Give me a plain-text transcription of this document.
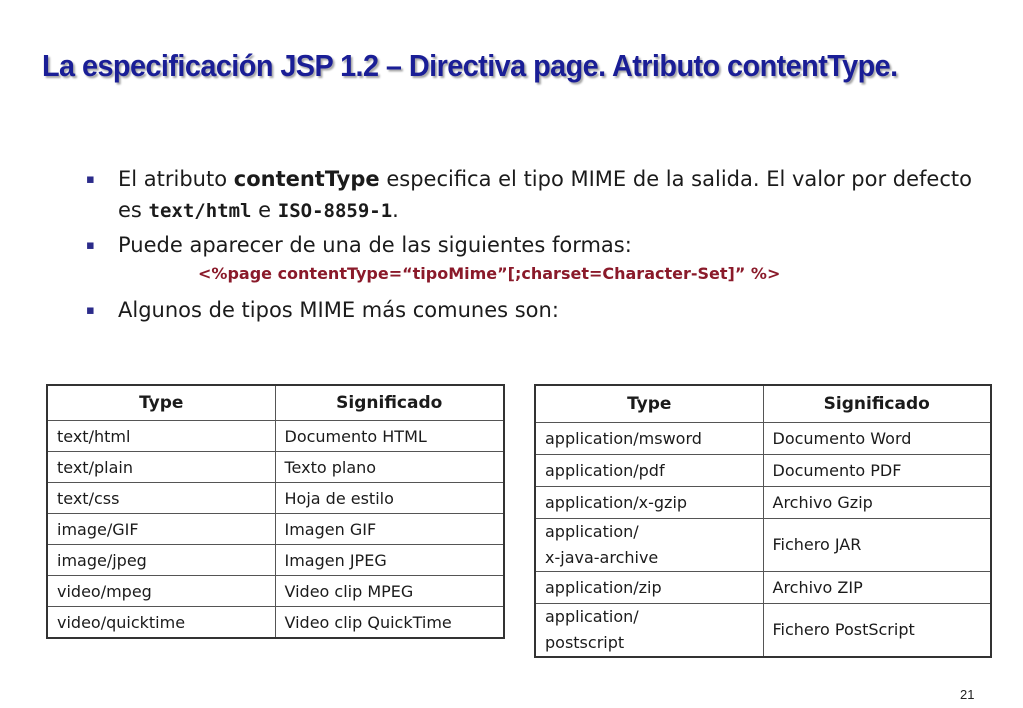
La especificación JSP 1.2 – Directiva page. Atributo contentType.
▪ El atributo contentType especifica el tipo MIME de la salida. El valor por defecto es text/html e ISO-8859-1.
▪ Puede aparecer de una de las siguientes formas:
<%page contentType=“tipoMime”[;charset=Character-Set]” %>
▪ Algunos de tipos MIME más comunes son:
Type	Significado
text/html	Documento HTML
text/plain	Texto plano
text/css	Hoja de estilo
image/GIF	Imagen GIF
image/jpeg	Imagen JPEG
video/mpeg	Video clip MPEG
video/quicktime	Video clip QuickTime
Type	Significado
application/msword	Documento Word
application/pdf	Documento PDF
application/x-gzip	Archivo Gzip
application/
x-java-archive	Fichero JAR
application/zip	Archivo ZIP
application/
postscript	Fichero PostScript
21
